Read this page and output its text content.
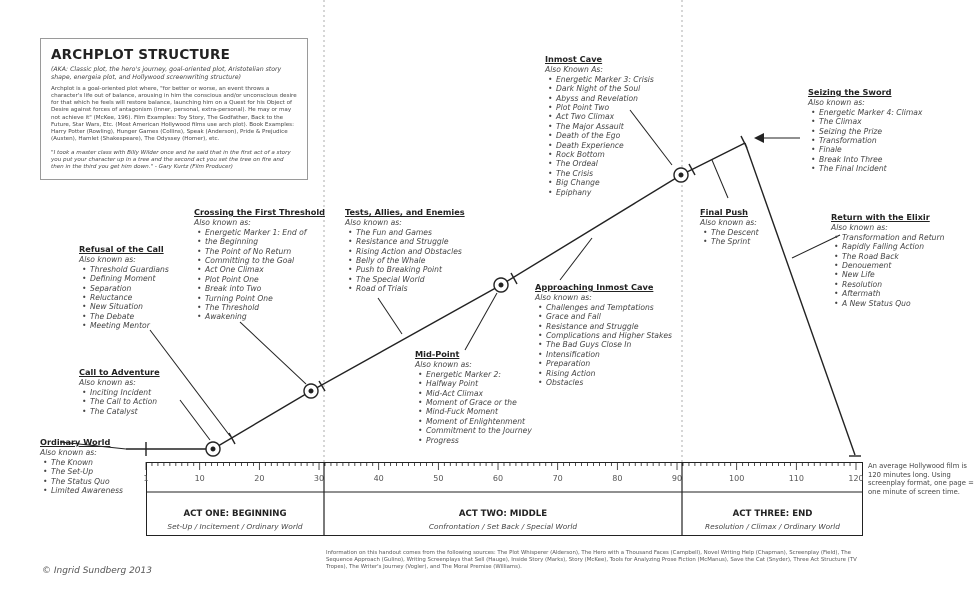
ARCHPLOT STRUCTURE
(AKA: Classic plot, the hero's journey, goal-oriented plot, Aristotelian story shape, energeia plot, and Hollywood screenwriting structure)
Archplot is a goal-oriented plot where, "for better or worse, an event throws a character's life out of balance, arousing in him the conscious and/or unconscious desire for that which he feels will restore balance, launching him on a Quest for his Object of Desire against forces of antagonism (inner, personal, extra-personal). He may or may not achieve it" (McKee, 196). Film Examples: Toy Story, The Godfather, Back to the Future, Star Wars, Etc. (Most American Hollywood films use arch plot). Book Examples: Harry Potter (Rowling), Hunger Games (Collins), Speak (Anderson), Pride & Prejudice (Austen), Hamlet (Shakespeare), The Odyssey (Homer), etc.
"I took a master class with Billy Wilder once and he said that in the first act of a story you put your character up in a tree and the second act you set the tree on fire and then in the third you get him down." - Gary Kurtz (Film Producer)
Ordinary World
Also known as:
• The Known
• The Set-Up
• The Status Quo
• Limited Awareness
Call to Adventure
Also known as:
• Inciting Incident
• The Call to Action
• The Catalyst
Refusal of the Call
Also known as:
• Threshold Guardians
• Defining Moment
• Separation
• Reluctance
• New Situation
• The Debate
• Meeting Mentor
Crossing the First Threshold
Also known as:
• Energetic Marker 1: End of
• the Beginning
• The Point of No Return
• Committing to the Goal
• Act One Climax
• Plot Point One
• Break into Two
• Turning Point One
• The Threshold
• Awakening
Tests, Allies, and Enemies
Also known as:
• The Fun and Games
• Resistance and Struggle
• Rising Action and Obstacles
• Belly of the Whale
• Push to Breaking Point
• The Special World
• Road of Trials
Mid-Point
Also known as:
• Energetic Marker 2:
• Halfway Point
• Mid-Act Climax
• Moment of Grace or the
• Mind-Fuck Moment
• Moment of Enlightenment
• Commitment to the Journey
• Progress
Approaching Inmost Cave
Also known as:
• Challenges and Temptations
• Grace and Fall
• Resistance and Struggle
• Complications and Higher Stakes
• The Bad Guys Close In
• Intensification
• Preparation
• Rising Action
• Obstacles
Inmost Cave
Also Known As:
• Energetic Marker 3: Crisis
• Dark Night of the Soul
• Abyss and Revelation
• Plot Point Two
• Act Two Climax
• The Major Assault
• Death of the Ego
• Death Experience
• Rock Bottom
• The Ordeal
• The Crisis
• Big Change
• Epiphany
Final Push
Also known as:
• The Descent
• The Sprint
Seizing the Sword
Also known as:
• Energetic Marker 4: Climax
• The Climax
• Seizing the Prize
• Transformation
• Finale
• Break Into Three
• The Final Incident
Return with the Elixir
Also known as:
• Transformation and Return
• Rapidly Falling Action
• The Road Back
• Denouement
• New Life
• Resolution
• Aftermath
• A New Status Quo
1	10	20	30	40	50	60	70	80	90	100	110	120
ACT ONE: BEGINNING
Set-Up / Incitement / Ordinary World
ACT TWO: MIDDLE
Confrontation / Set Back / Special World
ACT THREE: END
Resolution / Climax / Ordinary World
An average Hollywood film is 120 minutes long. Using screenplay format, one page = one minute of screen time.
© Ingrid Sundberg 2013
Information on this handout comes from the following sources: The Plot Whisperer (Alderson), The Hero with a Thousand Faces (Campbell), Novel Writing Help (Chapman), Screenplay (Field), The Sequence Approach (Gulino), Writing Screenplays that Sell (Hauge), Inside Story (Marks), Story (McKee), Tools for Analyzing Prose Fiction (McManus), Save the Cat (Snyder), Three Act Structure (TV Tropes), The Writer's Journey (Vogler), and The Moral Premise (Williams).
